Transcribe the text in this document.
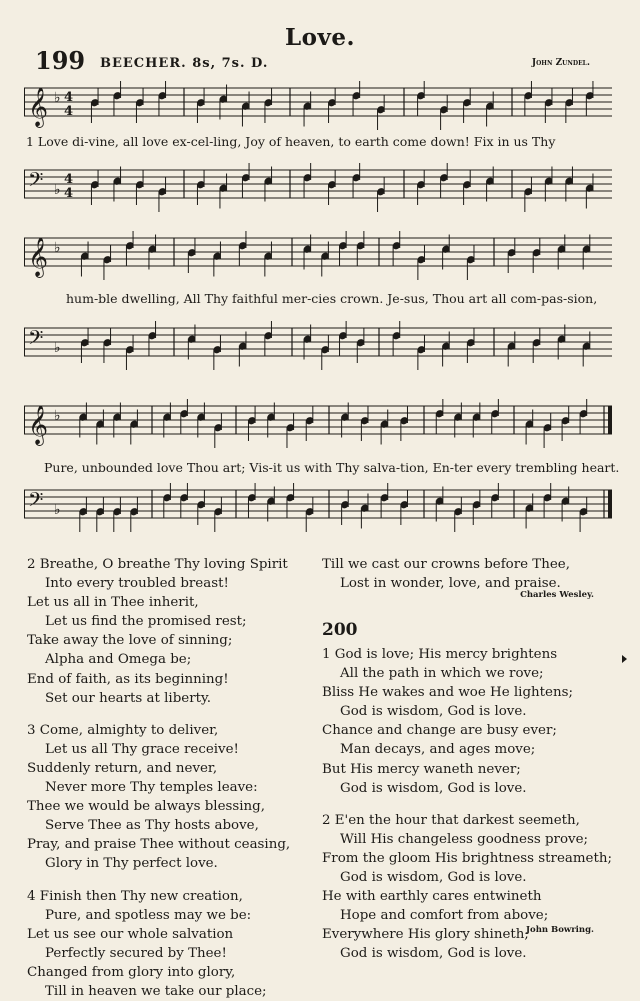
Love.
199 BEECHER. 8s, 7s. D.	John Zundel.
𝄞 ♭ 4
4
𝄢 ♭
4
4
1 Love di-vine, all love ex-cel-ling, Joy of heaven, to earth come down! Fix in us Thy
𝄞 ♭
𝄢 ♭
hum-ble dwelling, All Thy faithful mer-cies crown. Je-sus, Thou art all com-pas-sion,
𝄞 ♭
𝄢 ♭
Pure, unbounded love Thou art; Vis-it us with Thy salva-tion, En-ter every trembling heart.
2 Breathe, O breathe Thy loving Spirit
Into every troubled breast!
Let us all in Thee inherit,
Let us find the promised rest;
Take away the love of sinning;
Alpha and Omega be;
End of faith, as its beginning!
Set our hearts at liberty.
3 Come, almighty to deliver,
Let us all Thy grace receive!
Suddenly return, and never,
Never more Thy temples leave:
Thee we would be always blessing,
Serve Thee as Thy hosts above,
Pray, and praise Thee without ceasing,
Glory in Thy perfect love.
4 Finish then Thy new creation,
Pure, and spotless may we be:
Let us see our whole salvation
Perfectly secured by Thee!
Changed from glory into glory,
Till in heaven we take our place;
Till we cast our crowns before Thee,
Lost in wonder, love, and praise.
Charles Wesley.
200
1 God is love; His mercy brightens
All the path in which we rove;
Bliss He wakes and woe He lightens;
God is wisdom, God is love.
Chance and change are busy ever;
Man decays, and ages move;
But His mercy waneth never;
God is wisdom, God is love.
2 E'en the hour that darkest seemeth,
Will His changeless goodness prove;
From the gloom His brightness streameth;
God is wisdom, God is love.
He with earthly cares entwineth
Hope and comfort from above;
Everywhere His glory shineth;
God is wisdom, God is love.
John Bowring.
